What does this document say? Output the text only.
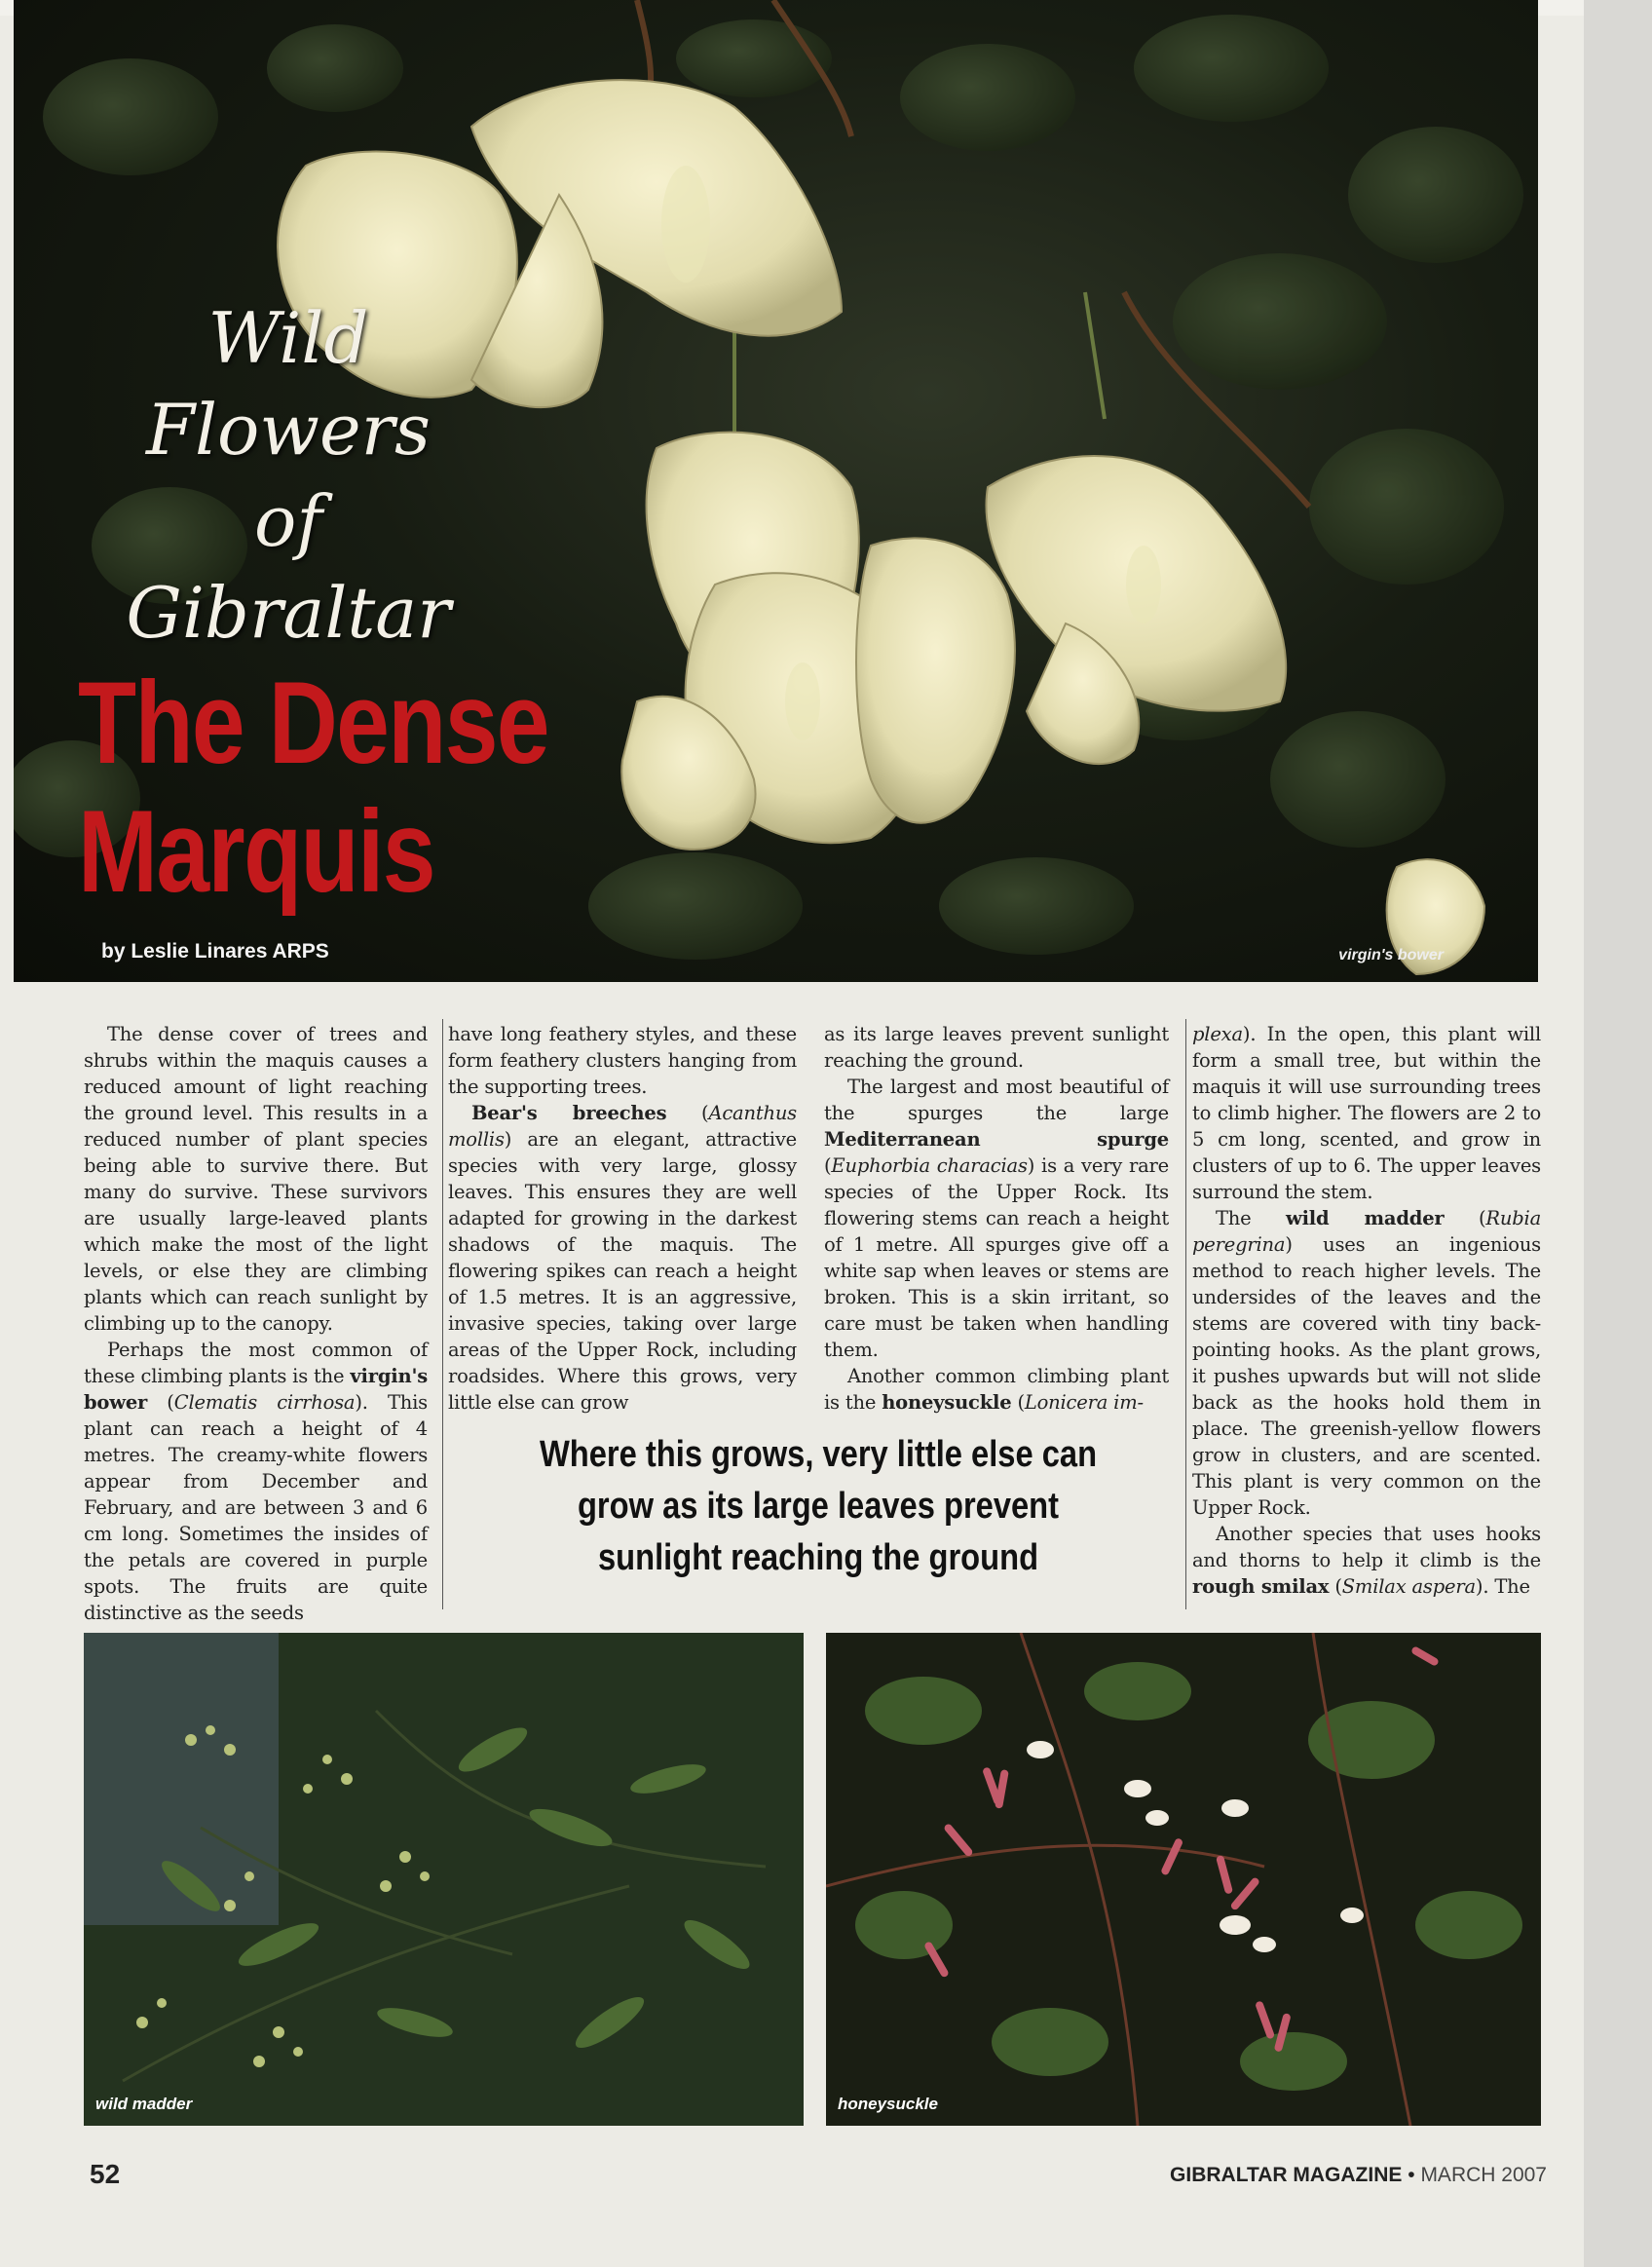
Wild
Flowers
of
Gibraltar
The Dense
Marquis
by Leslie Linares ARPS	virgin's bower

The dense cover of trees and shrubs within the maquis causes a reduced amount of light reaching the ground level. This results in a reduced number of plant species being able to survive there. But many do survive. These survivors are usually large-leaved plants which make the most of the light levels, or else they are climbing plants which can reach sunlight by climbing up to the canopy.

Perhaps the most common of these climbing plants is the virgin's bower (Clematis cirrhosa). This plant can reach a height of 4 metres. The creamy-white flowers appear from December and February, and are between 3 and 6 cm long. Sometimes the insides of the petals are covered in purple spots. The fruits are quite distinctive as the seeds

have long feathery styles, and these form feathery clusters hanging from the supporting trees.

Bear's breeches (Acanthus mollis) are an elegant, attractive species with very large, glossy leaves. This ensures they are well adapted for growing in the darkest shadows of the maquis. The flowering spikes can reach a height of 1.5 metres. It is an aggressive, invasive species, taking over large areas of the Upper Rock, including roadsides. Where this grows, very little else can grow

as its large leaves prevent sunlight reaching the ground.

The largest and most beautiful of the spurges the large Mediterranean spurge (Euphorbia characias) is a very rare species of the Upper Rock. Its flowering stems can reach a height of 1 metre. All spurges give off a white sap when leaves or stems are broken. This is a skin irritant, so care must be taken when handling them.

Another common climbing plant is the honeysuckle (Lonicera im-

plexa). In the open, this plant will form a small tree, but within the maquis it will use surrounding trees to climb higher. The flowers are 2 to 5 cm long, scented, and grow in clusters of up to 6. The upper leaves surround the stem.

The wild madder (Rubia peregrina) uses an ingenious method to reach higher levels. The undersides of the leaves and the stems are covered with tiny back-pointing hooks. As the plant grows, it pushes upwards but will not slide back as the hooks hold them in place. The greenish-yellow flowers grow in clusters, and are scented. This plant is very common on the Upper Rock.

Another species that uses hooks and thorns to help it climb is the rough smilax (Smilax aspera). The

Where this grows, very little else can
grow as its large leaves prevent
sunlight reaching the ground
wild madder	honeysuckle
52	GIBRALTAR MAGAZINE • MARCH 2007
